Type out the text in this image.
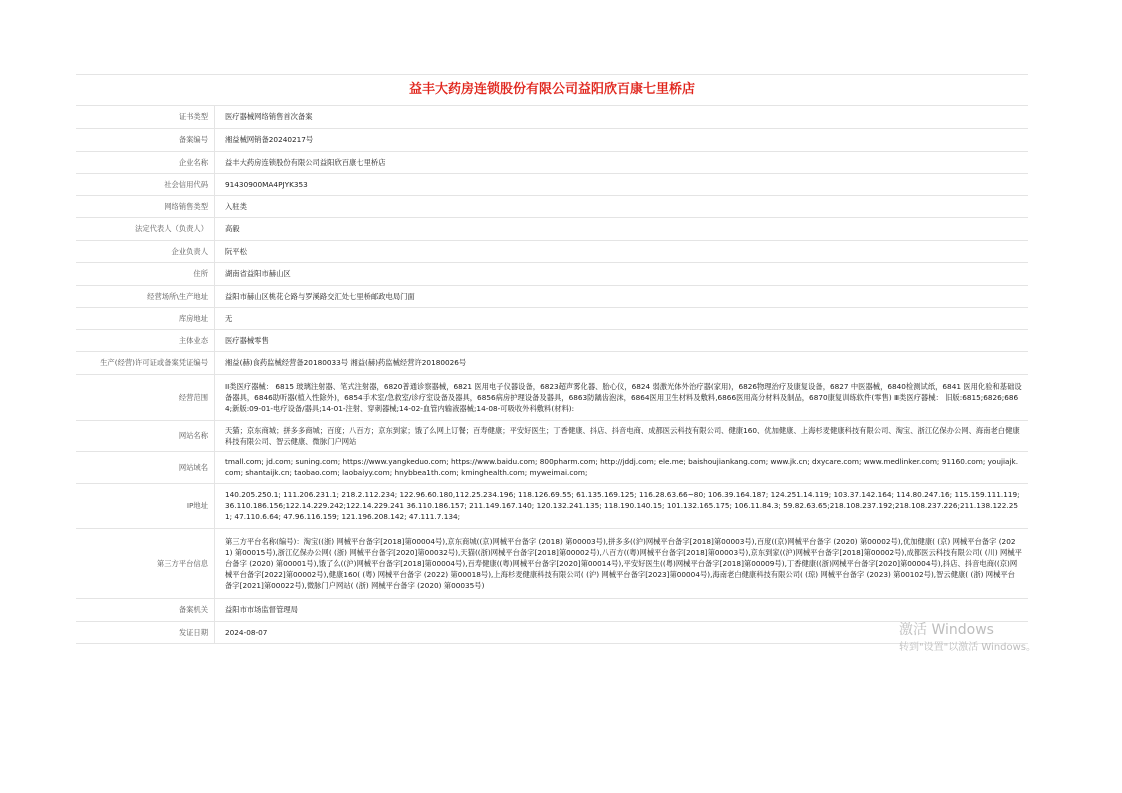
益丰大药房连锁股份有限公司益阳欣百康七里桥店
证书类型	医疗器械网络销售首次备案
备案编号	湘益械网销备20240217号
企业名称	益丰大药房连锁股份有限公司益阳欣百康七里桥店
社会信用代码	91430900MA4PJYK353
网络销售类型	入驻类
法定代表人（负责人）	高毅
企业负责人	阮平松
住所	湖南省益阳市赫山区
经营场所\生产地址	益阳市赫山区桃花仑路与罗溪路交汇处七里桥邮政电局门面
库房地址	无
主体业态	医疗器械零售
生产(经营)许可证或备案凭证编号	湘益(赫)食药监械经营备20180033号 湘益(赫)药监械经营许20180026号
经营范围	II类医疗器械： 6815 玻璃注射器、笔式注射器，6820普通诊察器械，6821 医用电子仪器设备，6823超声雾化器、胎心仪，6824 弱激光体外治疗器(家用)，6826物理治疗及康复设备，6827 中医器械，6840检测试纸，6841 医用化验和基础设备器具，6846助听器(植入性除外)，6854手术室/急救室/诊疗室设备及器具，6856病房护理设备及器具，6863防龋齿泡沫，6864医用卫生材料及敷料,6866医用高分材料及制品，6870康复训练软件(零售) Ⅲ类医疗器械： 旧版:6815;6826;6864;新版:09-01-电疗设备/器具;14-01-注射、穿刺器械;14-02-血管内输液器械;14-08-可吸收外科敷料(材料):
网站名称	天猫；京东商城；拼多多商城；百度；八百方；京东到家；饿了么网上订餐；百寿健康；平安好医生；丁香健康、抖店、抖音电商、成都医云科技有限公司、健康160、优加健康、上海杉麦健康科技有限公司、淘宝、浙江亿保办公网、海南老白健康科技有限公司、智云健康、微脉门户网站
网站域名	tmall.com; jd.com; suning.com; https://www.yangkeduo.com; https://www.baidu.com; 800pharm.com; http://jddj.com; ele.me; baishoujiankang.com; www.jk.cn; dxycare.com; www.medlinker.com; 91160.com; youjiajk.com; shantaijk.cn; taobao.com; laobaiyy.com; hnybbea1th.com; kminghealth.com; myweimai.com;
IP地址	140.205.250.1; 111.206.231.1; 218.2.112.234; 122.96.60.180,112.25.234.196; 118.126.69.55; 61.135.169.125; 116.28.63.66~80; 106.39.164.187; 124.251.14.119; 103.37.142.164; 114.80.247.16; 115.159.111.119; 36.110.186.156;122.14.229.242;122.14.229.241 36.110.186.157; 211.149.167.140; 120.132.241.135; 118.190.140.15; 101.132.165.175; 106.11.84.3; 59.82.63.65;218.108.237.192;218.108.237.226;211.138.122.251; 47.110.6.64; 47.96.116.159; 121.196.208.142; 47.111.7.134;
第三方平台信息	第三方平台名称(编号)：淘宝((浙) 网械平台备字[2018]第00004号),京东商城((京)网械平台备字 (2018) 第00003号),拼多多((沪)网械平台备字[2018]第00003号),百度((京)网械平台备字 (2020) 第00002号),优加健康( (京) 网械平台备字 (2021) 第00015号),浙江亿保办公网( (浙) 网械平台备字[2020]第00032号),天猫((浙)网械平台备字[2018]第00002号),八百方((粤)网械平台备字[2018]第00003号),京东到家((沪)网械平台备字[2018]第00002号),成都医云科技有限公司( (川) 网械平台备字 (2020) 第00001号),饿了么((沪)网械平台备字[2018]第00004号),百寿健康((粤)网械平台备字[2020]第00014号),平安好医生((粤)网械平台备字[2018]第00009号),丁香健康((浙)网械平台备字[2020]第00004号),抖店、抖音电商((京)网械平台备字[2022]第00002号),健康160( (粤) 网械平台备字 (2022) 第00018号),上海杉麦健康科技有限公司( (沪) 网械平台备字[2023]第00004号),海南老白健康科技有限公司( (琼) 网械平台备字 (2023) 第00102号),智云健康( (浙) 网械平台备字[2021]第00022号),微脉门户网站( (浙) 网械平台备字 (2020) 第00035号)
备案机关	益阳市市场监督管理局
发证日期	2024-08-07	激活 Windows
转到"设置"以激活 Windows。
